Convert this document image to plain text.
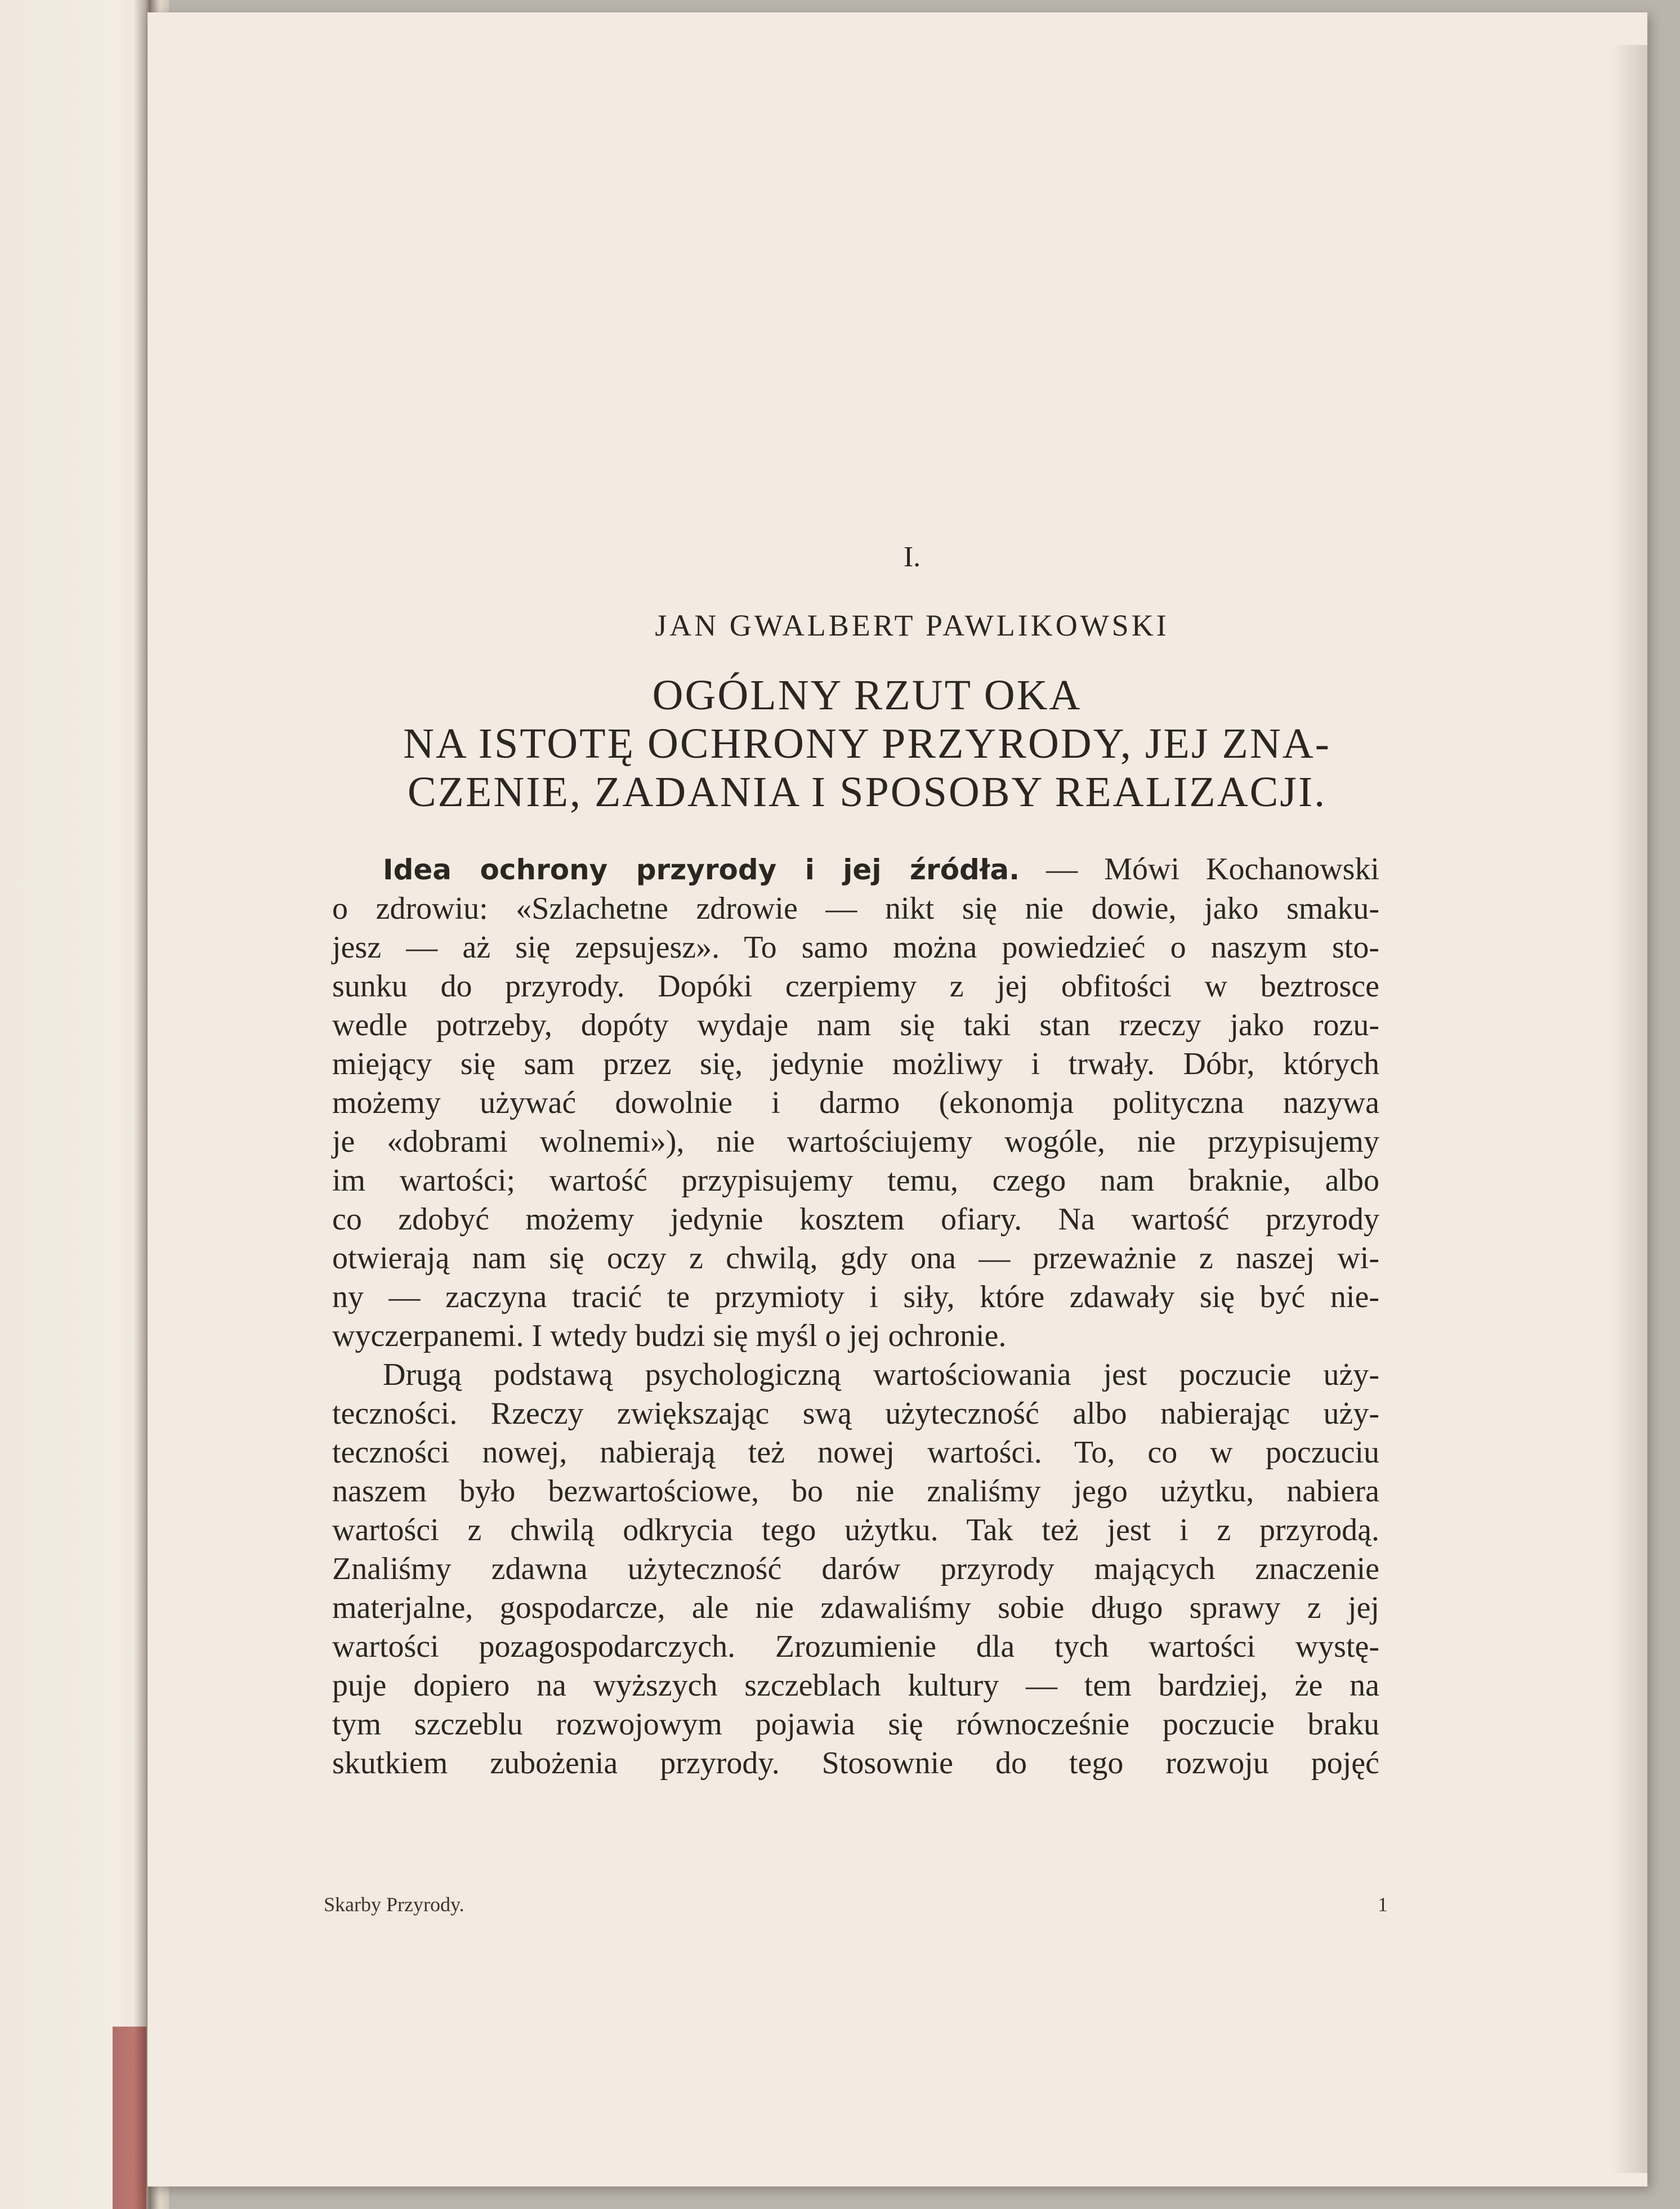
I.
JAN GWALBERT PAWLIKOWSKI
OGÓLNY RZUT OKA
NA ISTOTĘ OCHRONY PRZYRODY, JEJ ZNA-
CZENIE, ZADANIA I SPOSOBY REALIZACJI.

Idea ochrony przyrody i jej źródła. — Mówi Kochanowski
o zdrowiu: «Szlachetne zdrowie — nikt się nie dowie, jako smaku-
jesz — aż się zepsujesz». To samo można powiedzieć o naszym sto-
sunku do przyrody. Dopóki czerpiemy z jej obfitości w beztrosce
wedle potrzeby, dopóty wydaje nam się taki stan rzeczy jako rozu-
miejący się sam przez się, jedynie możliwy i trwały. Dóbr, których
możemy używać dowolnie i darmo (ekonomja polityczna nazywa
je «dobrami wolnemi»), nie wartościujemy wogóle, nie przypisujemy
im wartości; wartość przypisujemy temu, czego nam braknie, albo
co zdobyć możemy jedynie kosztem ofiary. Na wartość przyrody
otwierają nam się oczy z chwilą, gdy ona — przeważnie z naszej wi-
ny — zaczyna tracić te przymioty i siły, które zdawały się być nie-
wyczerpanemi. I wtedy budzi się myśl o jej ochronie.

Drugą podstawą psychologiczną wartościowania jest poczucie uży-
teczności. Rzeczy zwiększając swą użyteczność albo nabierając uży-
teczności nowej, nabierają też nowej wartości. To, co w poczuciu
naszem było bezwartościowe, bo nie znaliśmy jego użytku, nabiera
wartości z chwilą odkrycia tego użytku. Tak też jest i z przyrodą.
Znaliśmy zdawna użyteczność darów przyrody mających znaczenie
materjalne, gospodarcze, ale nie zdawaliśmy sobie długo sprawy z jej
wartości pozagospodarczych. Zrozumienie dla tych wartości wystę-
puje dopiero na wyższych szczeblach kultury — tem bardziej, że na
tym szczeblu rozwojowym pojawia się równocześnie poczucie braku
skutkiem zubożenia przyrody. Stosownie do tego rozwoju pojęć

Skarby Przyrody.	1
